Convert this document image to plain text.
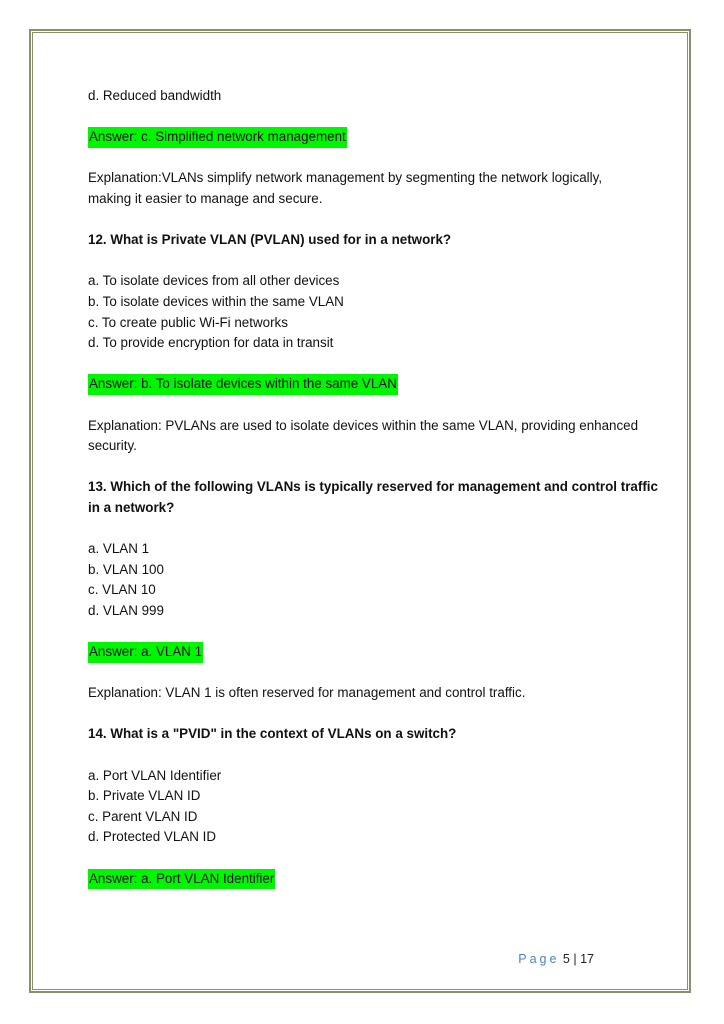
d. Reduced bandwidth
Answer: c. Simplified network management
Explanation:VLANs simplify network management by segmenting the network logically,
making it easier to manage and secure.
12. What is Private VLAN (PVLAN) used for in a network?
a. To isolate devices from all other devices
b. To isolate devices within the same VLAN
c. To create public Wi-Fi networks
d. To provide encryption for data in transit
Answer: b. To isolate devices within the same VLAN
Explanation: PVLANs are used to isolate devices within the same VLAN, providing enhanced
security.
13. Which of the following VLANs is typically reserved for management and control traffic
in a network?
a. VLAN 1
b. VLAN 100
c. VLAN 10
d. VLAN 999
Answer: a. VLAN 1
Explanation: VLAN 1 is often reserved for management and control traffic.
14. What is a "PVID" in the context of VLANs on a switch?
a. Port VLAN Identifier
b. Private VLAN ID
c. Parent VLAN ID
d. Protected VLAN ID
Answer: a. Port VLAN Identifier
Page 5 | 17
